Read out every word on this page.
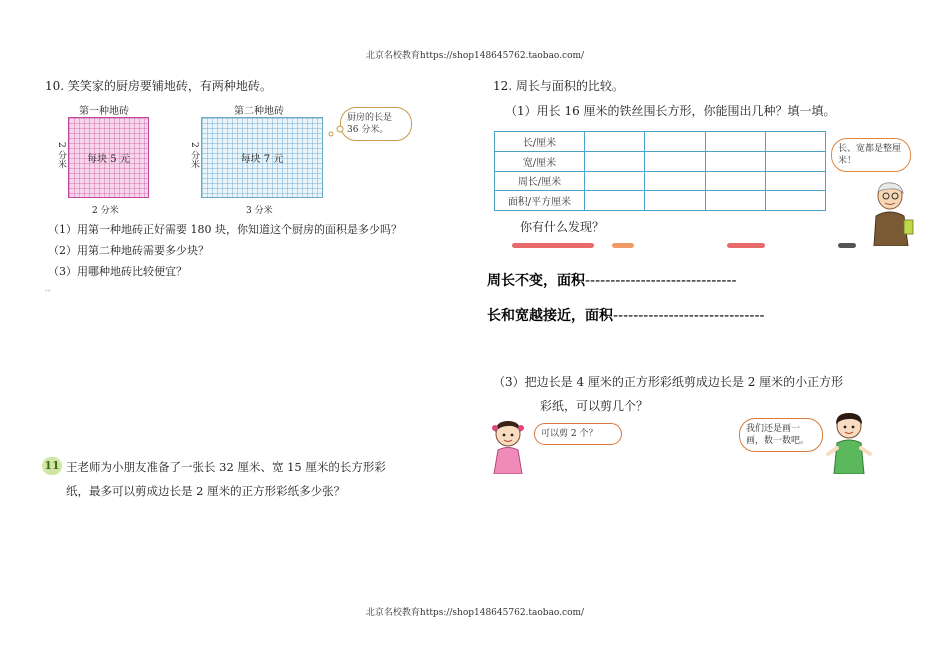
北京名校教育https://shop148645762.taobao.com/
北京名校教育https://shop148645762.taobao.com/
10. 笑笑家的厨房要铺地砖，有两种地砖。
第一种地砖
每块 5 元
2 分米
2 分米
第二种地砖
每块 7 元
2 分米
3 分米
厨房的长是 36 分米。
（1）用第一种地砖正好需要 180 块，你知道这个厨房的面积是多少吗？
（2）用第二种地砖需要多少块？
（3）用哪种地砖比较便宜？
--
11 王老师为小朋友准备了一张长 32 厘米、宽 15 厘米的长方形彩
纸，最多可以剪成边长是 2 厘米的正方形彩纸多少张？
12. 周长与面积的比较。
（1）用长 16 厘米的铁丝围长方形，你能围出几种？填一填。
长/厘米				
宽/厘米				
周长/厘米				
面积/平方厘米				
长、宽都是整厘米！
你有什么发现？
周长不变，面积------------------------------
长和宽越接近，面积------------------------------
（3）把边长是 4 厘米的正方形彩纸剪成边长是 2 厘米的小正方形
彩纸，可以剪几个？
可以剪 2 个？	我们还是画一画，数一数吧。
